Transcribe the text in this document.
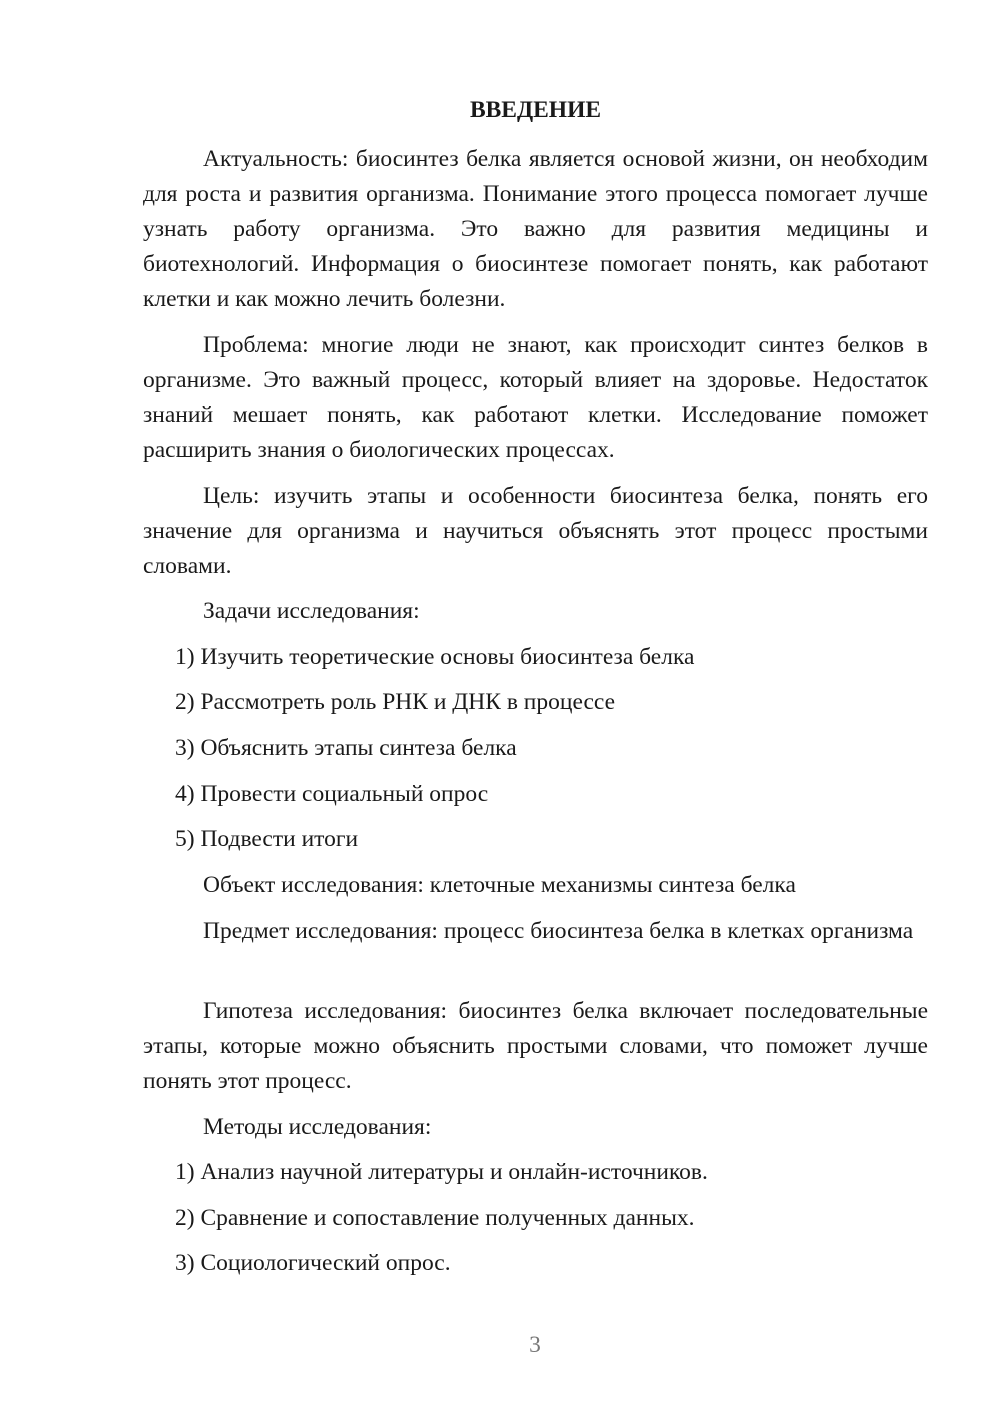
ВВЕДЕНИЕ

Актуальность: биосинтез белка является основой жизни, он необходим для роста и развития организма. Понимание этого процесса помогает лучше узнать работу организма. Это важно для развития медицины и биотехнологий. Информация о биосинтезе помогает понять, как работают клетки и как можно лечить болезни.

Проблема: многие люди не знают, как происходит синтез белков в организме. Это важный процесс, который влияет на здоровье. Недостаток знаний мешает понять, как работают клетки. Исследование поможет расширить знания о биологических процессах.

Цель: изучить этапы и особенности биосинтеза белка, понять его значение для организма и научиться объяснять этот процесс простыми словами.

Задачи исследования:

1) Изучить теоретические основы биосинтеза белка

2) Рассмотреть роль РНК и ДНК в процессе

3) Объяснить этапы синтеза белка

4) Провести социальный опрос

5) Подвести итоги

Объект исследования: клеточные механизмы синтеза белка

Предмет исследования: процесс биосинтеза белка в клетках организма

Гипотеза исследования: биосинтез белка включает последовательные этапы, которые можно объяснить простыми словами, что поможет лучше понять этот процесс.

Методы исследования:

1) Анализ научной литературы и онлайн-источников.

2) Сравнение и сопоставление полученных данных.

3) Социологический опрос.

3
